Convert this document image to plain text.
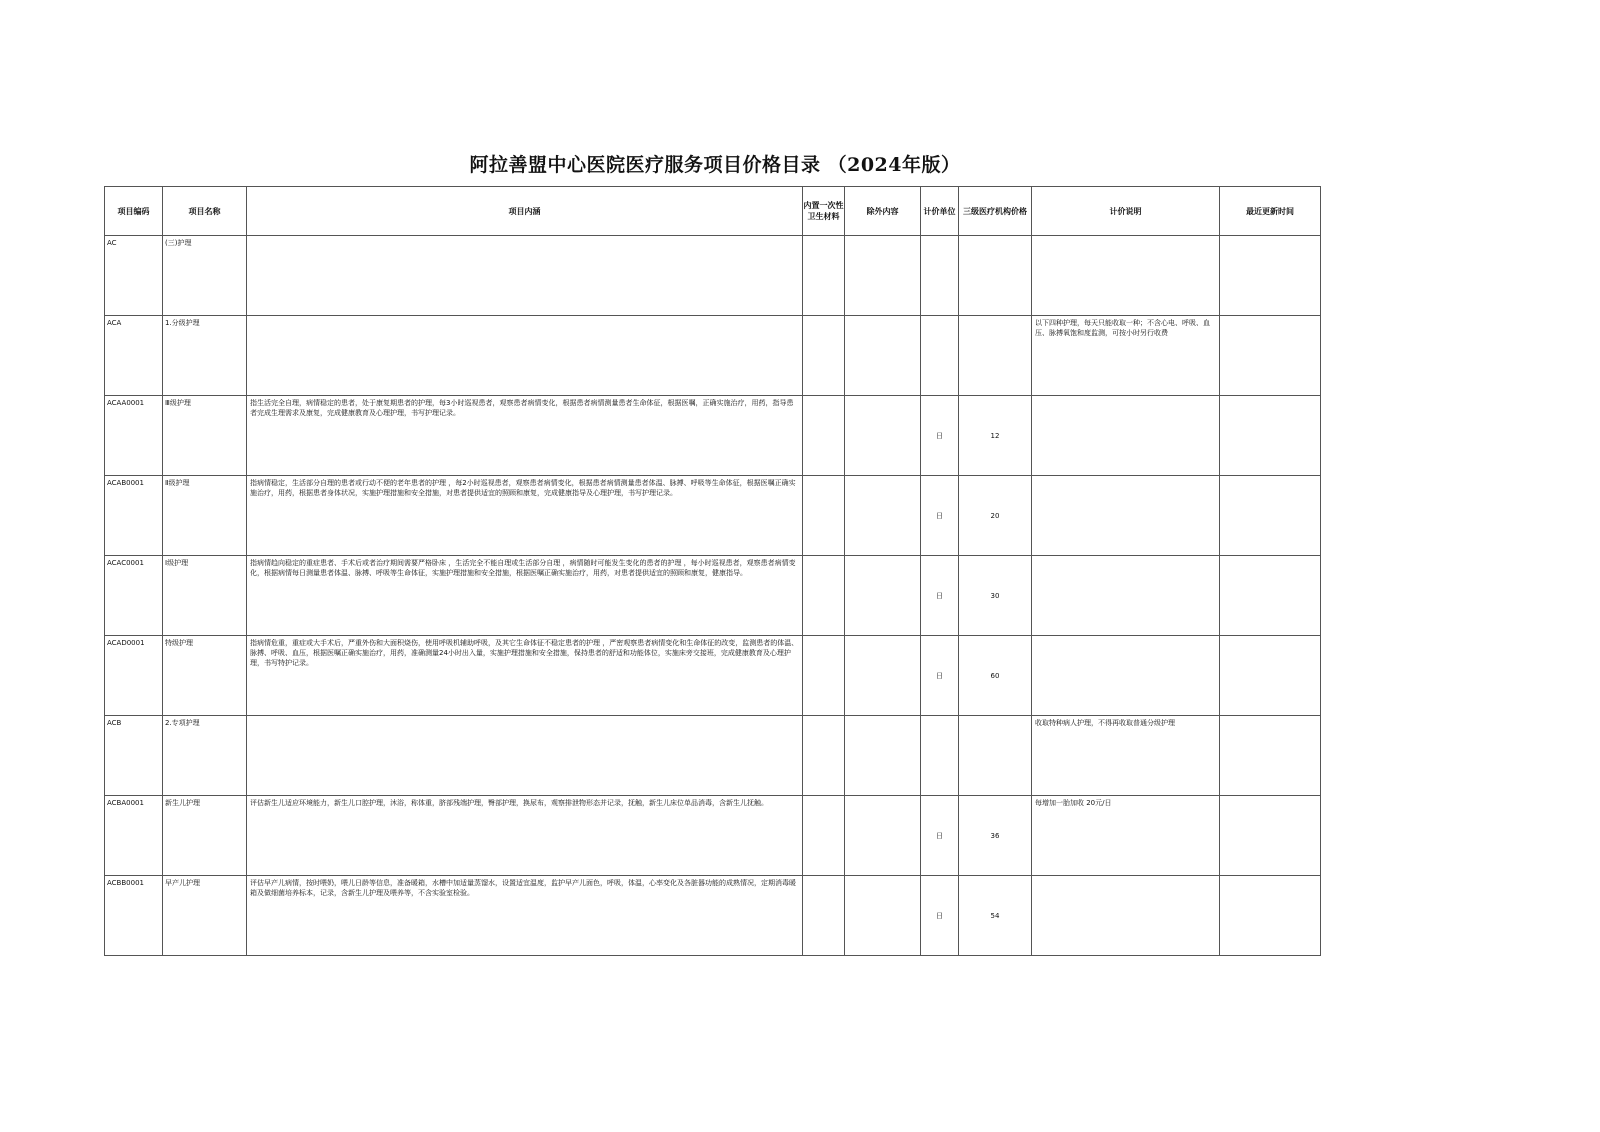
阿拉善盟中心医院医疗服务项目价格目录 （2024年版）
项目编码	项目名称	项目内涵	内置一次性卫生材料	除外内容	计价单位	三级医疗机构价格	计价说明	最近更新时间
AC	(三)护理							
ACA	1.分级护理						以下四种护理，每天只能收取一种；不含心电、呼吸、血压、脉搏氧饱和度监测，可按小时另行收费	
ACAA0001	Ⅲ级护理	指生活完全自理，病情稳定的患者，处于康复期患者的护理，每3小时巡视患者，观察患者病情变化，根据患者病情测量患者生命体征，根据医嘱，正确实施治疗，用药，指导患者完成生理需求及康复，完成健康教育及心理护理，书写护理记录。			日	12		
ACAB0001	Ⅱ级护理	指病情稳定，生活部分自理的患者或行动不便的老年患者的护理 ，每2小时巡视患者，观察患者病情变化，根据患者病情测量患者体温、脉搏、呼吸等生命体征，根据医嘱正确实施治疗，用药，根据患者身体状况，实施护理措施和安全措施，对患者提供适宜的照顾和康复，完成健康指导及心理护理，书写护理记录。			日	20		
ACAC0001	Ⅰ级护理	指病情趋向稳定的重症患者、手术后或者治疗期间需要严格卧床 ，生活完全不能自理或生活部分自理 ，病情随时可能发生变化的患者的护理 ，每小时巡视患者，观察患者病情变化，根据病情每日测量患者体温、脉搏、呼吸等生命体征，实施护理措施和安全措施，根据医嘱正确实施治疗，用药，对患者提供适宜的照顾和康复，健康指导。			日	30		
ACAD0001	特级护理	指病情危重，重症或大手术后，严重外伤和大面积烧伤，使用呼吸机辅助呼吸，及其它生命体征不稳定患者的护理 ，严密观察患者病情变化和生命体征的改变，监测患者的体温、脉搏、呼吸、血压，根据医嘱正确实施治疗，用药，准确测量24小时出入量，实施护理措施和安全措施，保持患者的舒适和功能体位，实施床旁交接班，完成健康教育及心理护理，书写特护记录。			日	60		
ACB	2.专项护理						收取特种病人护理，不得再收取普通分级护理	
ACBA0001	新生儿护理	评估新生儿适应环境能力，新生儿口腔护理，沐浴，称体重，脐部残端护理，臀部护理，换尿布，观察排泄物形态并记录，抚触，新生儿床位单品消毒，含新生儿抚触。			日	36	每增加一胎加收 20元/日	
ACBB0001	早产儿护理	评估早产儿病情，按时喂奶，喂儿日龄等信息，准备暖箱，水槽中加适量蒸馏水，设置适宜温度，监护早产儿面色，呼吸，体温，心率变化及各脏器功能的成熟情况，定期消毒暖箱及做细菌培养标本，记录，含新生儿护理及喂养等，不含实验室检验。			日	54		
